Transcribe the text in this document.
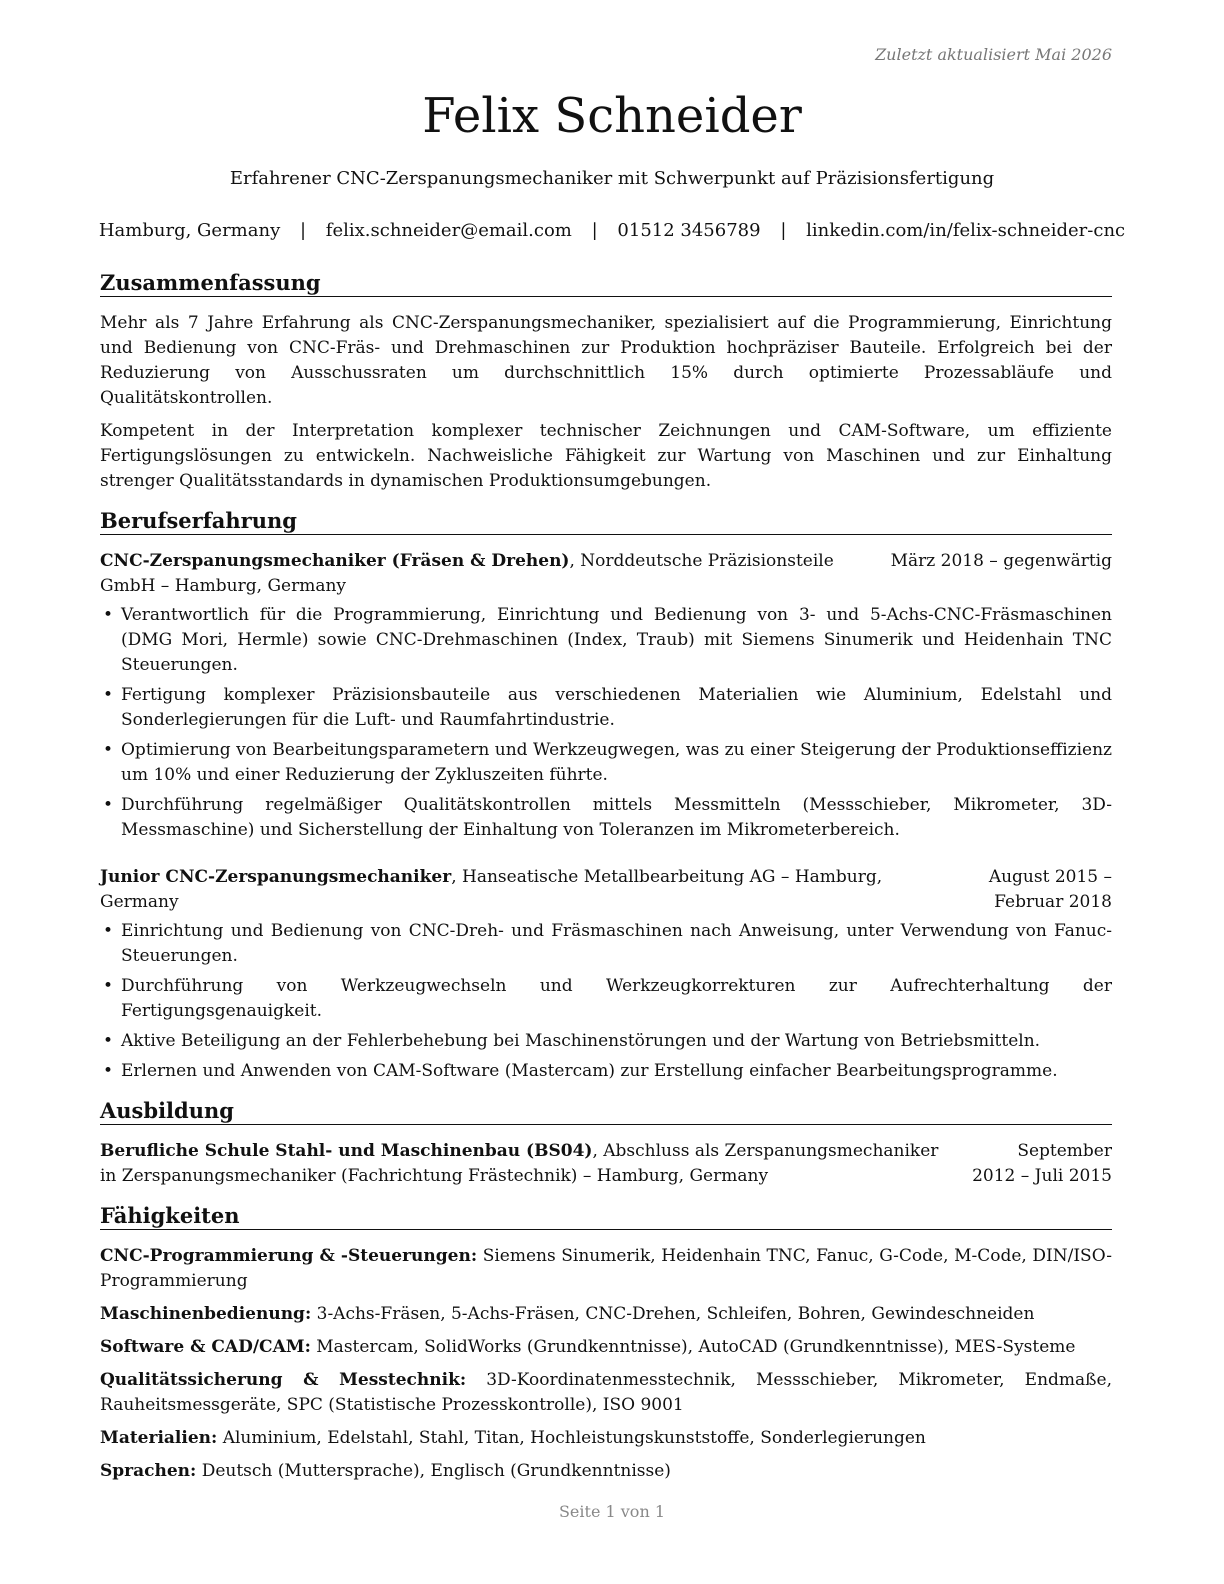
Zuletzt aktualisiert Mai 2026
Felix Schneider
Erfahrener CNC-Zerspanungsmechaniker mit Schwerpunkt auf Präzisionsfertigung
Hamburg, Germany | felix.schneider@email.com | 01512 3456789 | linkedin.com/in/felix-schneider-cnc
Zusammenfassung

Mehr als 7 Jahre Erfahrung als CNC-Zerspanungsmechaniker, spezialisiert auf die Programmierung, Einrichtung und Bedienung von CNC-Fräs- und Drehmaschinen zur Produktion hochpräziser Bauteile. Erfolgreich bei der Reduzierung von Ausschussraten um durchschnittlich 15% durch optimierte Prozessabläufe und Qualitätskontrollen.

Kompetent in der Interpretation komplexer technischer Zeichnungen und CAM-Software, um effiziente Fertigungslösungen zu entwickeln. Nachweisliche Fähigkeit zur Wartung von Maschinen und zur Einhaltung strenger Qualitätsstandards in dynamischen Produktionsumgebungen.

Berufserfahrung
CNC-Zerspanungsmechaniker (Fräsen & Drehen), Norddeutsche Präzisionsteile GmbH – Hamburg, Germany
März 2018 – gegenwärtig
• Verantwortlich für die Programmierung, Einrichtung und Bedienung von 3- und 5-Achs-CNC-Fräsmaschinen (DMG Mori, Hermle) sowie CNC-Drehmaschinen (Index, Traub) mit Siemens Sinumerik und Heidenhain TNC Steuerungen.
• Fertigung komplexer Präzisionsbauteile aus verschiedenen Materialien wie Aluminium, Edelstahl und Sonderlegierungen für die Luft- und Raumfahrtindustrie.
• Optimierung von Bearbeitungsparametern und Werkzeugwegen, was zu einer Steigerung der Produktionseffizienz um 10% und einer Reduzierung der Zykluszeiten führte.
• Durchführung regelmäßiger Qualitätskontrollen mittels Messmitteln (Messschieber, Mikrometer, 3D-Messmaschine) und Sicherstellung der Einhaltung von Toleranzen im Mikrometerbereich.
Junior CNC-Zerspanungsmechaniker, Hanseatische Metallbearbeitung AG – Hamburg, Germany
August 2015 – Februar 2018
• Einrichtung und Bedienung von CNC-Dreh- und Fräsmaschinen nach Anweisung, unter Verwendung von Fanuc-Steuerungen.
• Durchführung von Werkzeugwechseln und Werkzeugkorrekturen zur Aufrechterhaltung der Fertigungsgenauigkeit.
• Aktive Beteiligung an der Fehlerbehebung bei Maschinenstörungen und der Wartung von Betriebsmitteln.
• Erlernen und Anwenden von CAM-Software (Mastercam) zur Erstellung einfacher Bearbeitungsprogramme.
Ausbildung
Berufliche Schule Stahl- und Maschinenbau (BS04), Abschluss als Zerspanungsmechaniker in Zerspanungsmechaniker (Fachrichtung Frästechnik) – Hamburg, Germany
September 2012 – Juli 2015
Fähigkeiten
CNC-Programmierung & -Steuerungen: Siemens Sinumerik, Heidenhain TNC, Fanuc, G-Code, M-Code, DIN/ISO-Programmierung
Maschinenbedienung: 3-Achs-Fräsen, 5-Achs-Fräsen, CNC-Drehen, Schleifen, Bohren, Gewindeschneiden
Software & CAD/CAM: Mastercam, SolidWorks (Grundkenntnisse), AutoCAD (Grundkenntnisse), MES-Systeme
Qualitätssicherung & Messtechnik: 3D-Koordinatenmesstechnik, Messschieber, Mikrometer, Endmaße, Rauheitsmessgeräte, SPC (Statistische Prozesskontrolle), ISO 9001
Materialien: Aluminium, Edelstahl, Stahl, Titan, Hochleistungskunststoffe, Sonderlegierungen
Sprachen: Deutsch (Muttersprache), Englisch (Grundkenntnisse)
Seite 1 von 1
